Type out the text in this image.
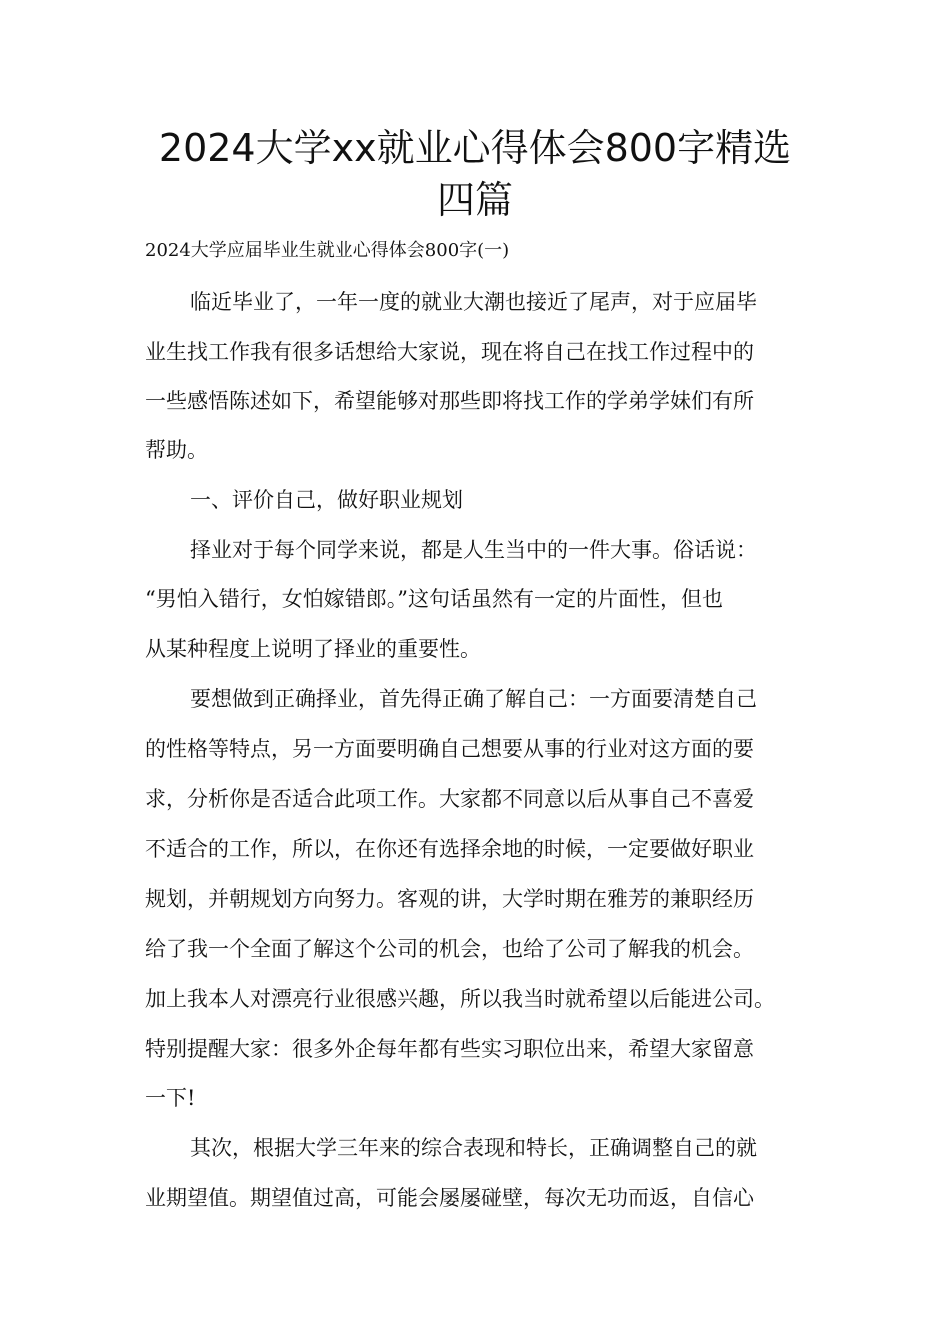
2024大学xx就业心得体会800字精选
四篇

2024大学应届毕业生就业心得体会800字(一)

临近毕业了，一年一度的就业大潮也接近了尾声，对于应届毕

业生找工作我有很多话想给大家说，现在将自己在找工作过程中的

一些感悟陈述如下，希望能够对那些即将找工作的学弟学妹们有所

帮助。

一、评价自己，做好职业规划

择业对于每个同学来说，都是人生当中的一件大事。俗话说：

“男怕入错行，女怕嫁错郎。”这句话虽然有一定的片面性，但也

从某种程度上说明了择业的重要性。

要想做到正确择业，首先得正确了解自己：一方面要清楚自己

的性格等特点，另一方面要明确自己想要从事的行业对这方面的要

求，分析你是否适合此项工作。大家都不同意以后从事自己不喜爱

不适合的工作，所以，在你还有选择余地的时候，一定要做好职业

规划，并朝规划方向努力。客观的讲，大学时期在雅芳的兼职经历

给了我一个全面了解这个公司的机会，也给了公司了解我的机会。

加上我本人对漂亮行业很感兴趣，所以我当时就希望以后能进公司。

特别提醒大家：很多外企每年都有些实习职位出来，希望大家留意

一下!

其次，根据大学三年来的综合表现和特长，正确调整自己的就

业期望值。期望值过高，可能会屡屡碰壁，每次无功而返，自信心
